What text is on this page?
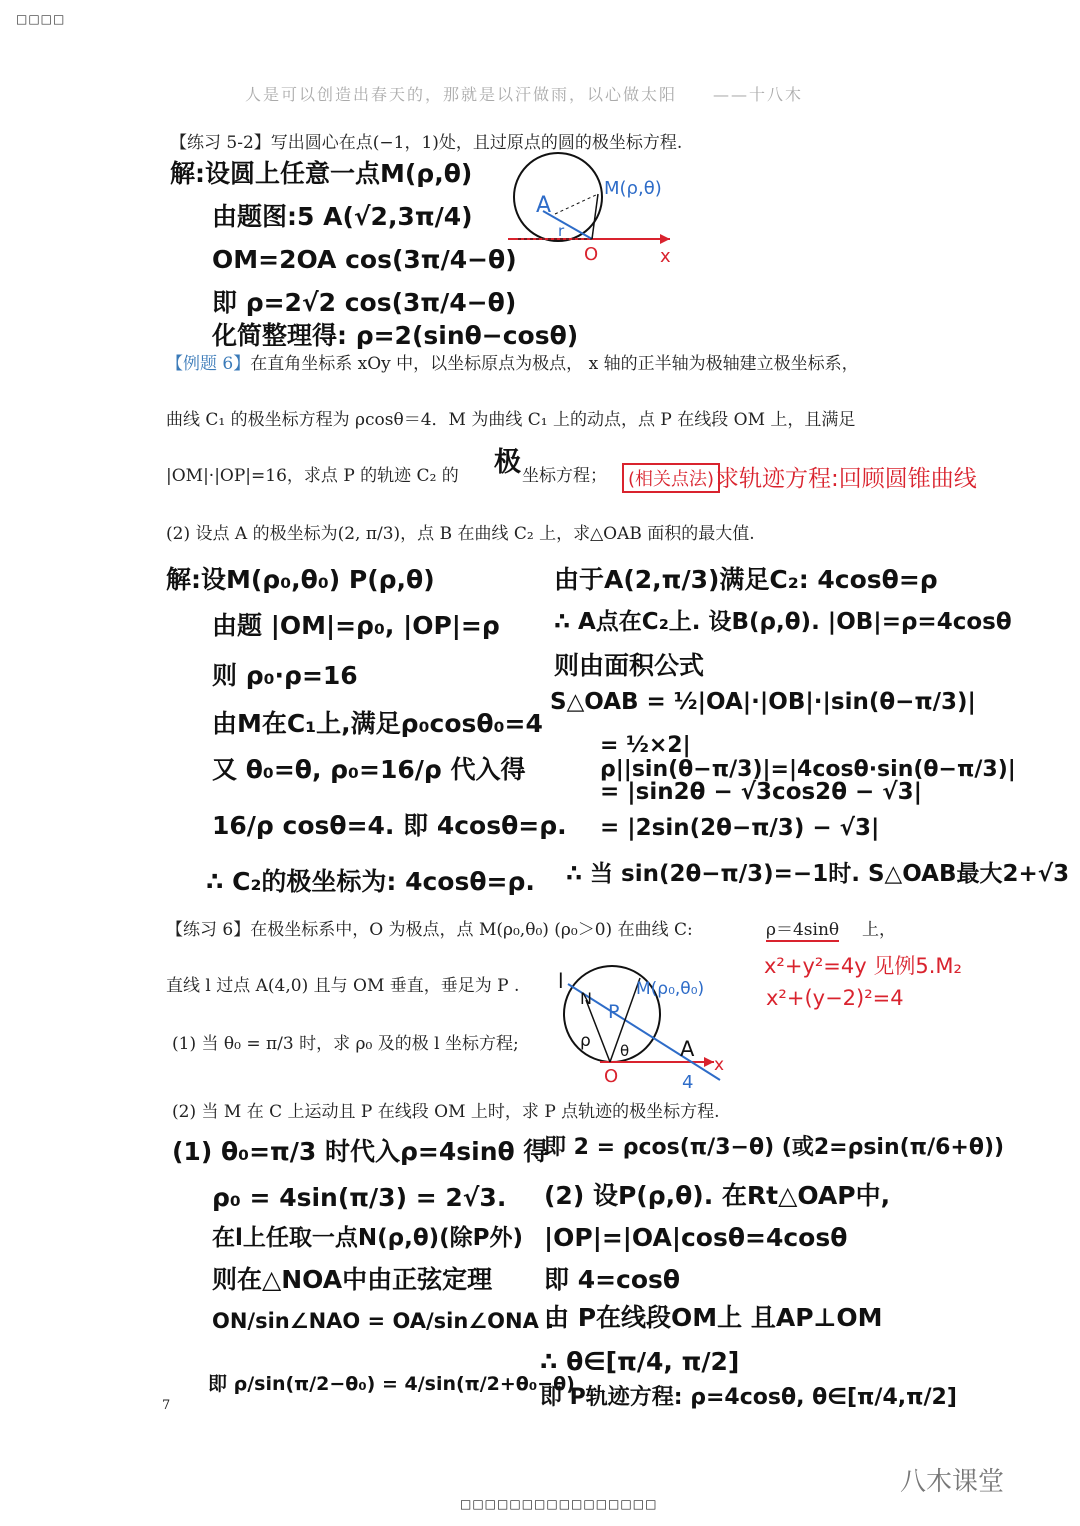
□□□□
人是可以创造出春天的，那就是以汗做雨，以心做太阳　　——十八木
【练习 5-2】写出圆心在点(−1，1)处，且过原点的圆的极坐标方程.
解:设圆上任意一点M(ρ,θ)
由题图:5 A(√2,3π/4)
OM=2OA cos(3π/4−θ)
即 ρ=2√2 cos(3π/4−θ)
化简整理得: ρ=2(sinθ−cosθ)
A
M(ρ,θ)
O	x
r
【例题 6】在直角坐标系 xOy 中，以坐标原点为极点， x 轴的正半轴为极轴建立极坐标系，
曲线 C₁ 的极坐标方程为 ρcosθ＝4．M 为曲线 C₁ 上的动点，点 P 在线段 OM 上，且满足
|OM|·|OP|=16，求点 P 的轨迹 C₂ 的 极 坐标方程；	(相关点法) 求轨迹方程:回顾圆锥曲线
(2) 设点 A 的极坐标为(2, π/3)，点 B 在曲线 C₂ 上，求△OAB 面积的最大值.
解:设M(ρ₀,θ₀) P(ρ,θ)
由题 |OM|=ρ₀, |OP|=ρ
则 ρ₀·ρ=16
由M在C₁上,满足ρ₀cosθ₀=4
又 θ₀=θ, ρ₀=16/ρ 代入得
16/ρ cosθ=4. 即 4cosθ=ρ.
∴ C₂的极坐标为: 4cosθ=ρ.
由于A(2,π/3)满足C₂: 4cosθ=ρ
∴ A点在C₂上. 设B(ρ,θ). |OB|=ρ=4cosθ
则由面积公式
S△OAB = ½|OA|·|OB|·|sin(θ−π/3)|
= ½×2|ρ||sin(θ−π/3)|=|4cosθ·sin(θ−π/3)|
= |sin2θ − √3cos2θ − √3|
= |2sin(2θ−π/3) − √3|
∴ 当 sin(2θ−π/3)=−1时. S△OAB最大2+√3
【练习 6】在极坐标系中，O 为极点，点 M(ρ₀,θ₀) (ρ₀＞0) 在曲线 C:	ρ＝4sinθ 上，
x²+y²=4y 见例5.M₂
x²+(y−2)²=4
直线 l 过点 A(4,0) 且与 OM 垂直，垂足为 P .
(1) 当 θ₀ = π/3 时，求 ρ₀ 及的极 l 坐标方程;
(2) 当 M 在 C 上运动且 P 在线段 OM 上时，求 P 点轨迹的极坐标方程.
l
N	M(ρ₀,θ₀)
P
ρ θ
O
A
x
4
(1) θ₀=π/3 时代入ρ=4sinθ 得
ρ₀ = 4sin(π/3) = 2√3.
在l上任取一点N(ρ,θ)(除P外)
则在△NOA中由正弦定理
ON/sin∠NAO = OA/sin∠ONA .
即 ρ/sin(π/2−θ₀) = 4/sin(π/2+θ₀−θ)
即 2 = ρcos(π/3−θ) (或2=ρsin(π/6+θ))
(2) 设P(ρ,θ). 在Rt△OAP中,
|OP|=|OA|cosθ=4cosθ
即 4=cosθ
由 P在线段OM上 且AP⊥OM
∴ θ∈[π/4, π/2]
即 P轨迹方程: ρ=4cosθ, θ∈[π/4,π/2]
7
八木课堂
□□□□□□□□□□□□□□□□
